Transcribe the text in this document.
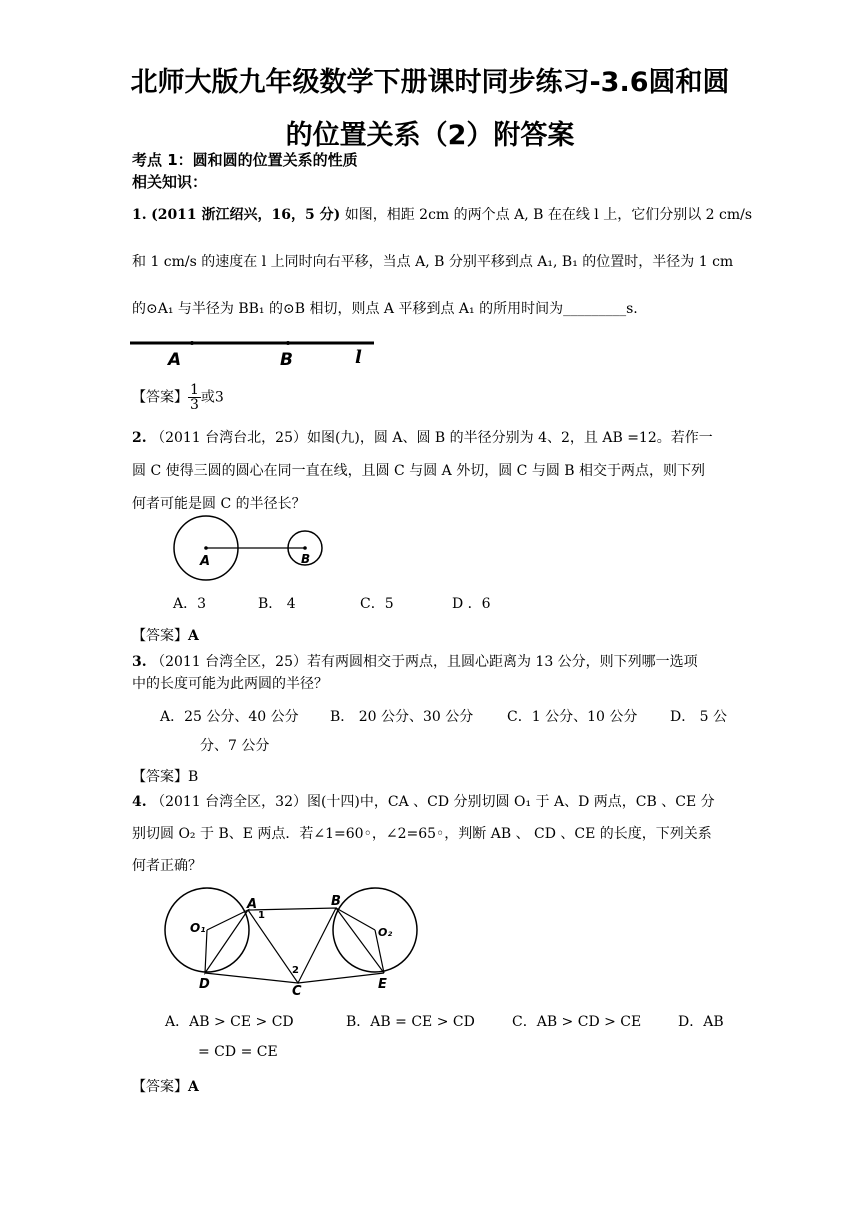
北师大版九年级数学下册课时同步练习-3.6圆和圆
的位置关系（2）附答案
考点 1：圆和圆的位置关系的性质
相关知识：
1. (2011 浙江绍兴，16，5 分) 如图，相距 2cm 的两个点 A, B 在在线 l 上，它们分别以 2 cm/s
和 1 cm/s 的速度在 l 上同时向右平移，当点 A, B 分别平移到点 A₁, B₁ 的位置时，半径为 1 cm
的⊙A₁ 与半径为 BB₁ 的⊙B 相切，则点 A 平移到点 A₁ 的所用时间为_________s.
A	B	l
【答案】 $\frac{1}{3}$ 或3
2. （2011 台湾台北，25）如图(九)，圆 A、圆 B 的半径分别为 4、2，且 AB =12。若作一
圆 C 使得三圆的圆心在同一直在线，且圆 C 与圆 A 外切，圆 C 与圆 B 相交于两点，则下列
何者可能是圆 C 的半径长？
A	B
A．3	B． 4	C．5	D ．6
【答案】A
3. （2011 台湾全区，25）若有两圆相交于两点，且圆心距离为 13 公分，则下列哪一选项
中的长度可能为此两圆的半径？
A．25 公分、40 公分 B． 20 公分、30 公分 C．1 公分、10 公分 D． 5 公
分、7 公分
【答案】B
4. （2011 台湾全区，32）图(十四)中，CA 、CD 分别切圆 O₁ 于 A、D 两点，CB 、CE 分
别切圆 O₂ 于 B、E 两点．若∠1=60◦，∠2=65◦，判断 AB 、 CD 、CE 的长度，下列关系
何者正确？
A
1
B
O₁	O₂
2
D	C	E
A．AB > CE > CD	B．AB = CE > CD	C．AB > CD > CE	D．AB
= CD = CE
【答案】A
